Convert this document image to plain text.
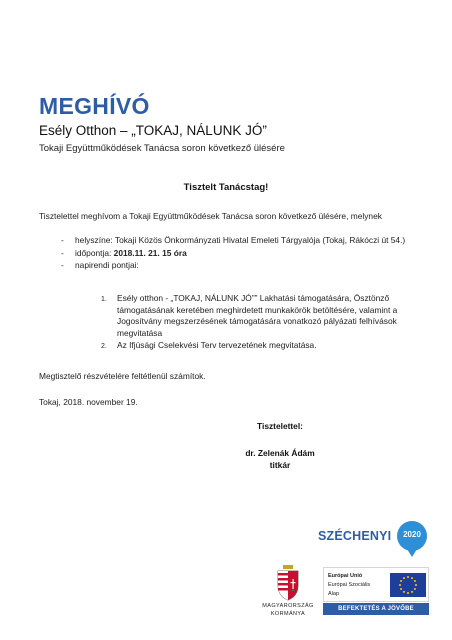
MEGHÍVÓ
Esély Otthon – „TOKAJ, NÁLUNK JÓ”
Tokaji Együttműködések Tanácsa soron következő ülésére
Tisztelt Tanácstag!
Tisztelettel meghívom a Tokaji Együttműködések Tanácsa soron következő ülésére, melynek
- helyszíne: Tokaji Közös Önkormányzati Hivatal Emeleti Tárgyalója (Tokaj, Rákóczi út 54.)
- időpontja: 2018.11. 21. 15 óra
- napirendi pontjai:
1. Esély otthon - „TOKAJ, NÁLUNK JÓ”” Lakhatási támogatására, Ösztönző támogatásának keretében meghirdetett munkakörök betöltésére, valamint a Jogosítvány megszerzésének támogatására vonatkozó pályázati felhívások megvitatása
2. Az Ifjúsági Cselekvési Terv tervezetének megvitatása.
Megtisztelő részvételére feltétlenül számítok.
Tokaj, 2018. november 19.
Tisztelettel:
dr. Zelenák Ádám
titkár
SZÉCHENYI	2020
MAGYARORSZÁG
KORMÁNYA
Európai Unió
Európai Szociális
Alap
BEFEKTETÉS A JÖVŐBE
